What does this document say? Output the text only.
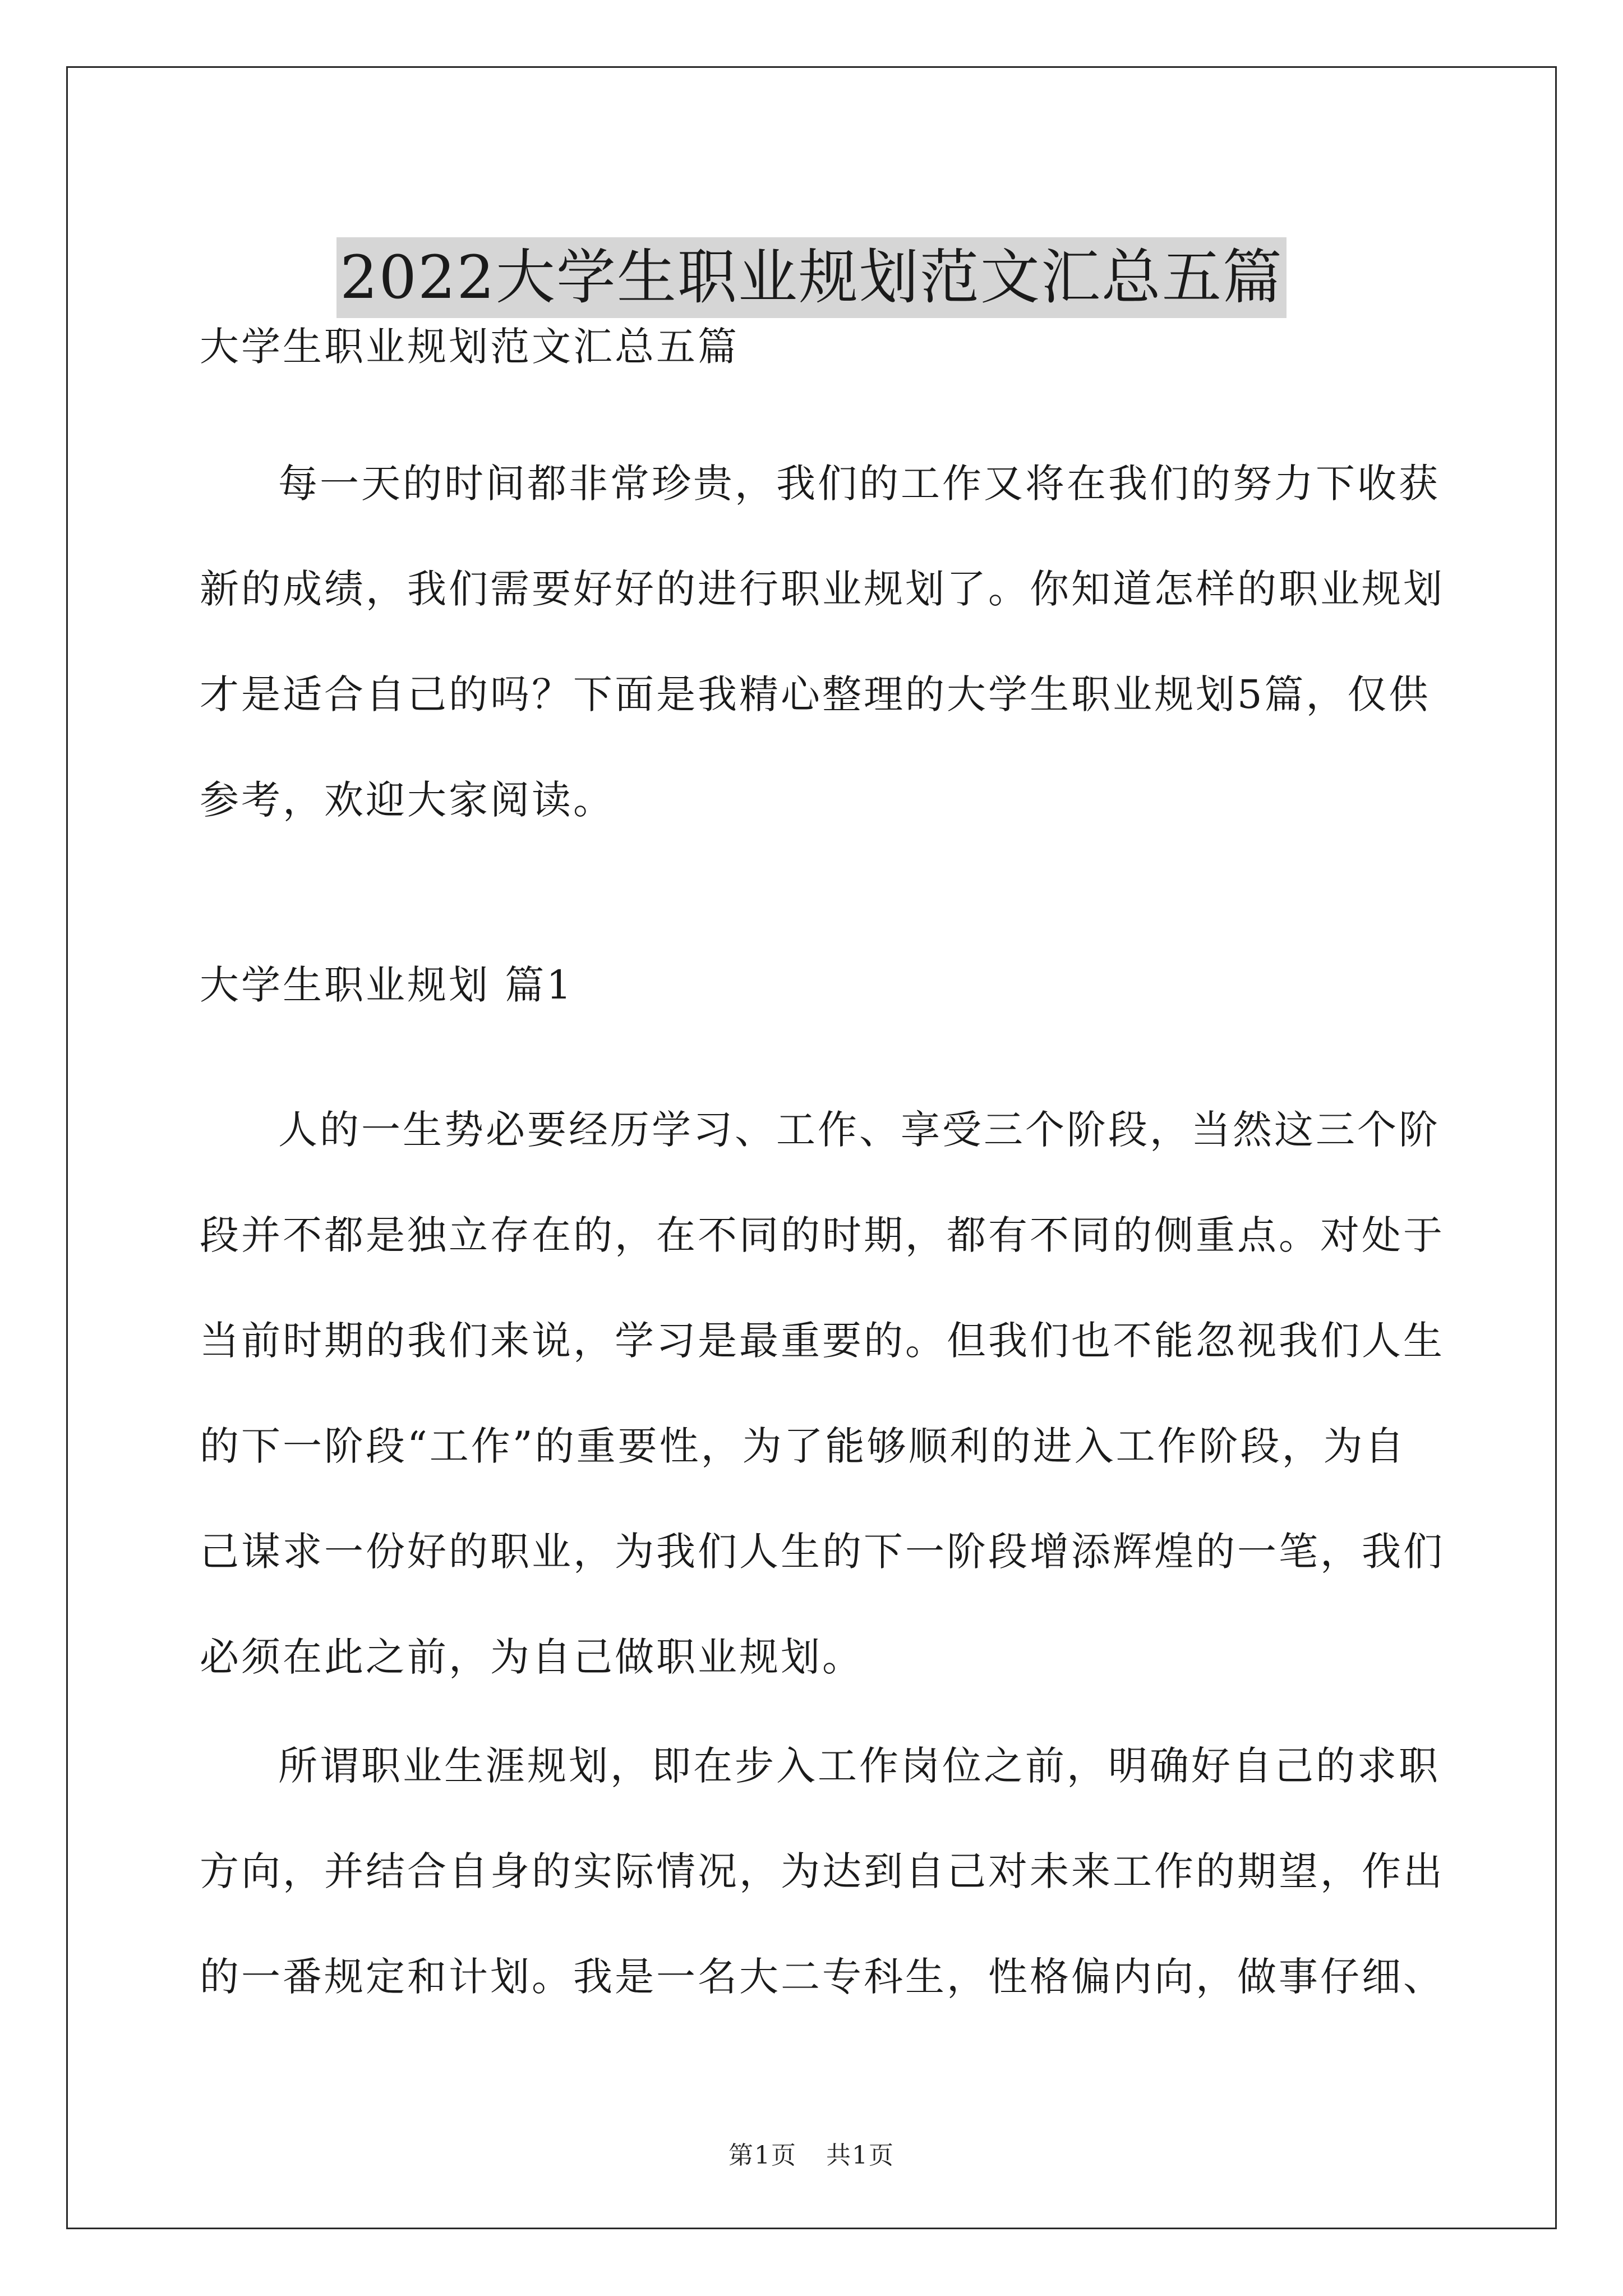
2022大学生职业规划范文汇总五篇
大学生职业规划范文汇总五篇
每一天的时间都非常珍贵，我们的工作又将在我们的努力下收获
新的成绩，我们需要好好的进行职业规划了。你知道怎样的职业规划
才是适合自己的吗？下面是我精心整理的大学生职业规划5篇，仅供
参考，欢迎大家阅读。
大学生职业规划 篇1
人的一生势必要经历学习、工作、享受三个阶段，当然这三个阶
段并不都是独立存在的，在不同的时期，都有不同的侧重点。对处于
当前时期的我们来说，学习是最重要的。但我们也不能忽视我们人生
的下一阶段“工作”的重要性，为了能够顺利的进入工作阶段，为自
己谋求一份好的职业，为我们人生的下一阶段增添辉煌的一笔，我们
必须在此之前，为自己做职业规划。
所谓职业生涯规划，即在步入工作岗位之前，明确好自己的求职
方向，并结合自身的实际情况，为达到自己对未来工作的期望，作出
的一番规定和计划。我是一名大二专科生，性格偏内向，做事仔细、
第1页 共1页
